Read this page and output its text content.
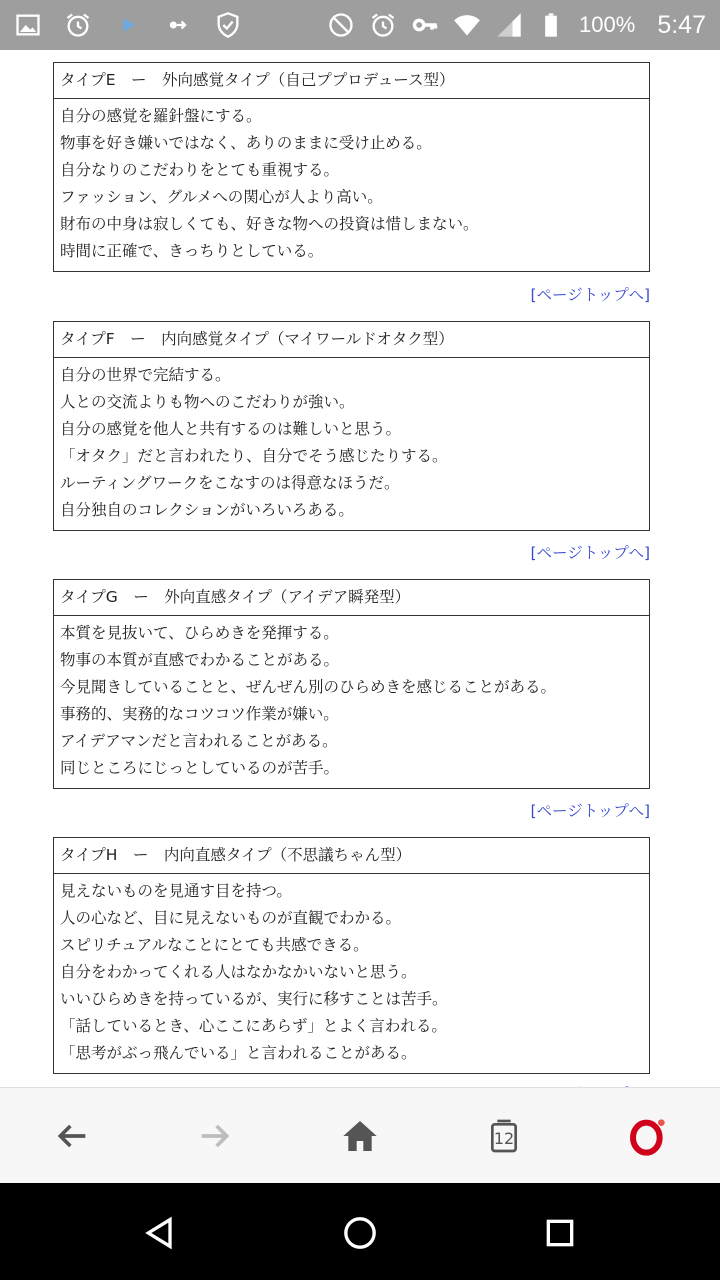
100% 5:47
タイプE　ー　外向感覚タイプ（自己ププロデュース型）
自分の感覚を羅針盤にする。
物事を好き嫌いではなく、ありのままに受け止める。
自分なりのこだわりをとても重視する。
ファッション、グルメへの関心が人より高い。
財布の中身は寂しくても、好きな物への投資は惜しまない。
時間に正確で、きっちりとしている。
[ページトップへ]
タイプF　ー　内向感覚タイプ（マイワールドオタク型）
自分の世界で完結する。
人との交流よりも物へのこだわりが強い。
自分の感覚を他人と共有するのは難しいと思う。
「オタク」だと言われたり、自分でそう感じたりする。
ルーティングワークをこなすのは得意なほうだ。
自分独自のコレクションがいろいろある。
[ページトップへ]
タイプG　ー　外向直感タイプ（アイデア瞬発型）
本質を見抜いて、ひらめきを発揮する。
物事の本質が直感でわかることがある。
今見聞きしていることと、ぜんぜん別のひらめきを感じることがある。
事務的、実務的なコツコツ作業が嫌い。
アイデアマンだと言われることがある。
同じところにじっとしているのが苦手。
[ページトップへ]
タイプH　ー　内向直感タイプ（不思議ちゃん型）
見えないものを見通す目を持つ。
人の心など、目に見えないものが直観でわかる。
スピリチュアルなことにとても共感できる。
自分をわかってくれる人はなかなかいないと思う。
いいひらめきを持っているが、実行に移すことは苦手。
「話しているとき、心ここにあらず」とよく言われる。
「思考がぶっ飛んでいる」と言われることがある。
12
